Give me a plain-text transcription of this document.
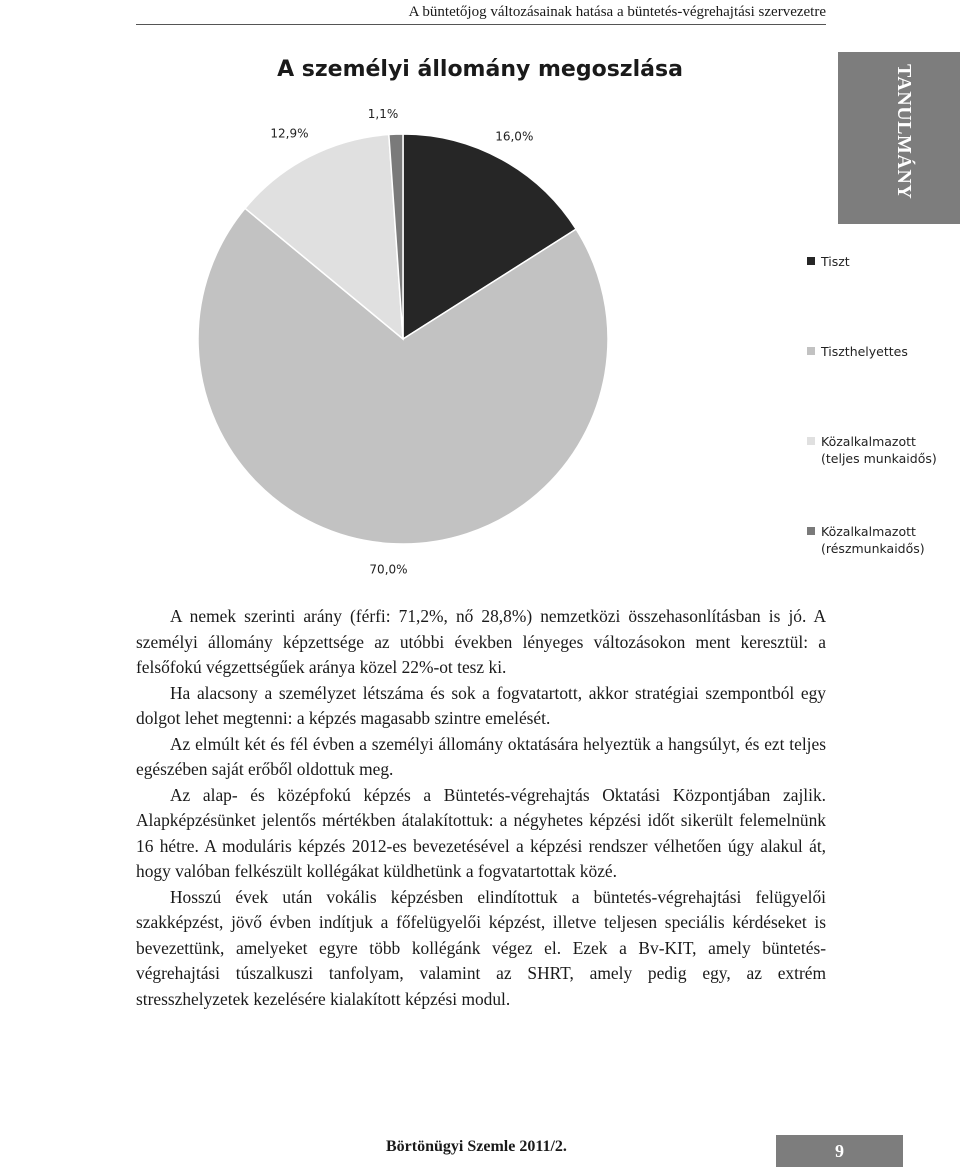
A büntetőjog változásainak hatása a büntetés-végrehajtási szervezetre
TANULMÁNY
A személyi állomány megoszlása
16,0%
70,0%
12,9%
1,1%
Tiszt
Tiszthelyettes
Közalkalmazott
(teljes munkaidős)
Közalkalmazott
(részmunkaidős)

A nemek szerinti arány (férfi: 71,2%, nő 28,8%) nemzetközi összehasonlításban is jó. A személyi állomány képzettsége az utóbbi években lényeges változásokon ment keresztül: a felsőfokú végzettségűek aránya közel 22%-ot tesz ki.

Ha alacsony a személyzet létszáma és sok a fogvatartott, akkor stratégiai szempontból egy dolgot lehet megtenni: a képzés magasabb szintre emelését.

Az elmúlt két és fél évben a személyi állomány oktatására helyeztük a hangsúlyt, és ezt teljes egészében saját erőből oldottuk meg.

Az alap- és középfokú képzés a Büntetés-végrehajtás Oktatási Központjában zajlik. Alapképzésünket jelentős mértékben átalakítottuk: a négyhetes képzési időt sikerült felemelnünk 16 hétre. A moduláris képzés 2012-es bevezetésével a képzési rendszer vélhetően úgy alakul át, hogy valóban felkészült kollégákat küldhetünk a fogvatartottak közé.

Hosszú évek után vokális képzésben elindítottuk a büntetés-végrehajtási felügyelői szakképzést, jövő évben indítjuk a főfelügyelői képzést, illetve teljesen speciális kérdéseket is bevezettünk, amelyeket egyre több kollégánk végez el. Ezek a Bv-KIT, amely büntetés-végrehajtási túszalkuszi tanfolyam, valamint az SHRT, amely pedig egy, az extrém stresszhelyzetek kezelésére kialakított képzési modul.

Börtönügyi Szemle 2011/2.	9
